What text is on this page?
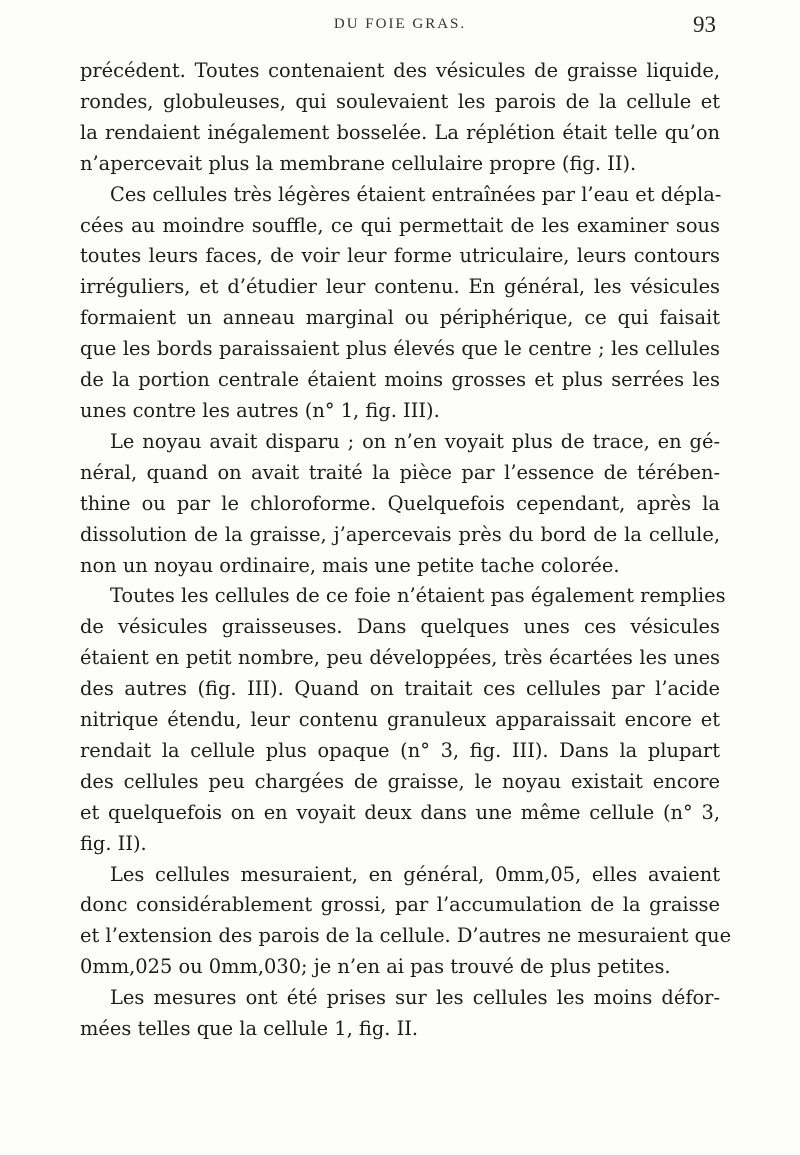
DU FOIE GRAS.	93
précédent. Toutes contenaient des vésicules de graisse liquide,
rondes, globuleuses, qui soulevaient les parois de la cellule et
la rendaient inégalement bosselée. La réplétion était telle qu’on
n’apercevait plus la membrane cellulaire propre (fig. II).
Ces cellules très légères étaient entraînées par l’eau et dépla-
cées au moindre souffle, ce qui permettait de les examiner sous
toutes leurs faces, de voir leur forme utriculaire, leurs contours
irréguliers, et d’étudier leur contenu. En général, les vésicules
formaient un anneau marginal ou périphérique, ce qui faisait
que les bords paraissaient plus élevés que le centre ; les cellules
de la portion centrale étaient moins grosses et plus serrées les
unes contre les autres (n° 1, fig. III).
Le noyau avait disparu ; on n’en voyait plus de trace, en gé-
néral, quand on avait traité la pièce par l’essence de térében-
thine ou par le chloroforme. Quelquefois cependant, après la
dissolution de la graisse, j’apercevais près du bord de la cellule,
non un noyau ordinaire, mais une petite tache colorée.
Toutes les cellules de ce foie n’étaient pas également remplies
de vésicules graisseuses. Dans quelques unes ces vésicules
étaient en petit nombre, peu développées, très écartées les unes
des autres (fig. III). Quand on traitait ces cellules par l’acide
nitrique étendu, leur contenu granuleux apparaissait encore et
rendait la cellule plus opaque (n° 3, fig. III). Dans la plupart
des cellules peu chargées de graisse, le noyau existait encore
et quelquefois on en voyait deux dans une même cellule (n° 3,
fig. II).
Les cellules mesuraient, en général, 0mm,05, elles avaient
donc considérablement grossi, par l’accumulation de la graisse
et l’extension des parois de la cellule. D’autres ne mesuraient que
0mm,025 ou 0mm,030; je n’en ai pas trouvé de plus petites.
Les mesures ont été prises sur les cellules les moins défor-
mées telles que la cellule 1, fig. II.
